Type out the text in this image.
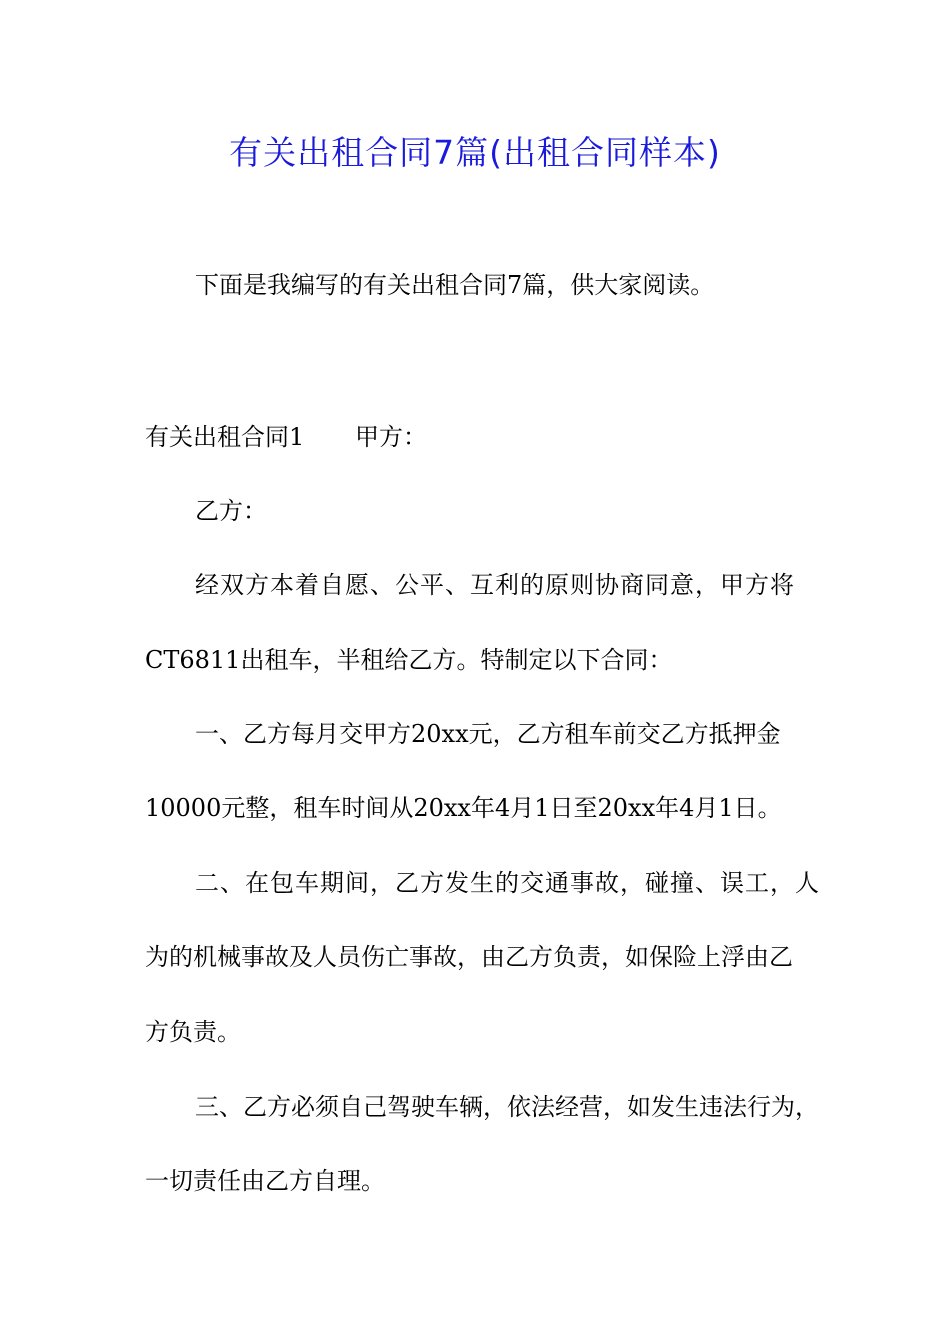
有关出租合同7篇(出租合同样本)

下面是我编写的有关出租合同7篇，供大家阅读。

有关出租合同1 甲方：

乙方：

经双方本着自愿、公平、互利的原则协商同意，甲方将

CT6811出租车，半租给乙方。特制定以下合同：

一、乙方每月交甲方20xx元，乙方租车前交乙方抵押金

10000元整，租车时间从20xx年4月1日至20xx年4月1日。

二、在包车期间，乙方发生的交通事故，碰撞、误工，人

为的机械事故及人员伤亡事故，由乙方负责，如保险上浮由乙

方负责。

三、乙方必须自己驾驶车辆，依法经营，如发生违法行为，

一切责任由乙方自理。
